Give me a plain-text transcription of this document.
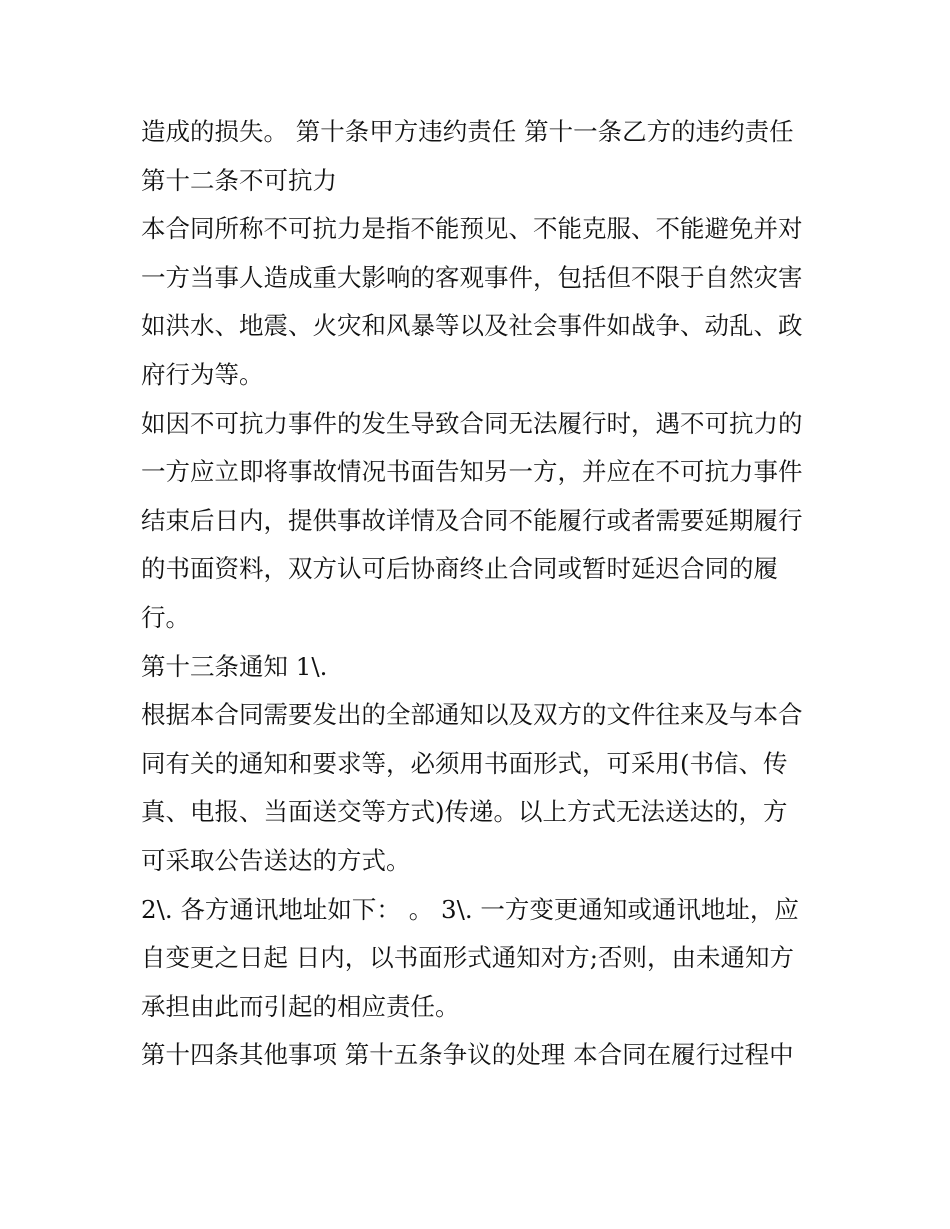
造成的损失。 第十条甲方违约责任 第十一条乙方的违约责任
第十二条不可抗力
本合同所称不可抗力是指不能预见、不能克服、不能避免并对
一方当事人造成重大影响的客观事件，包括但不限于自然灾害
如洪水、地震、火灾和风暴等以及社会事件如战争、动乱、政
府行为等。
如因不可抗力事件的发生导致合同无法履行时，遇不可抗力的
一方应立即将事故情况书面告知另一方，并应在不可抗力事件
结束后日内，提供事故详情及合同不能履行或者需要延期履行
的书面资料，双方认可后协商终止合同或暂时延迟合同的履
行。
第十三条通知 1\.
根据本合同需要发出的全部通知以及双方的文件往来及与本合
同有关的通知和要求等，必须用书面形式，可采用(书信、传
真、电报、当面送交等方式)传递。以上方式无法送达的，方
可采取公告送达的方式。
2\. 各方通讯地址如下： 。 3\. 一方变更通知或通讯地址，应
自变更之日起 日内，以书面形式通知对方;否则，由未通知方
承担由此而引起的相应责任。
第十四条其他事项 第十五条争议的处理 本合同在履行过程中
